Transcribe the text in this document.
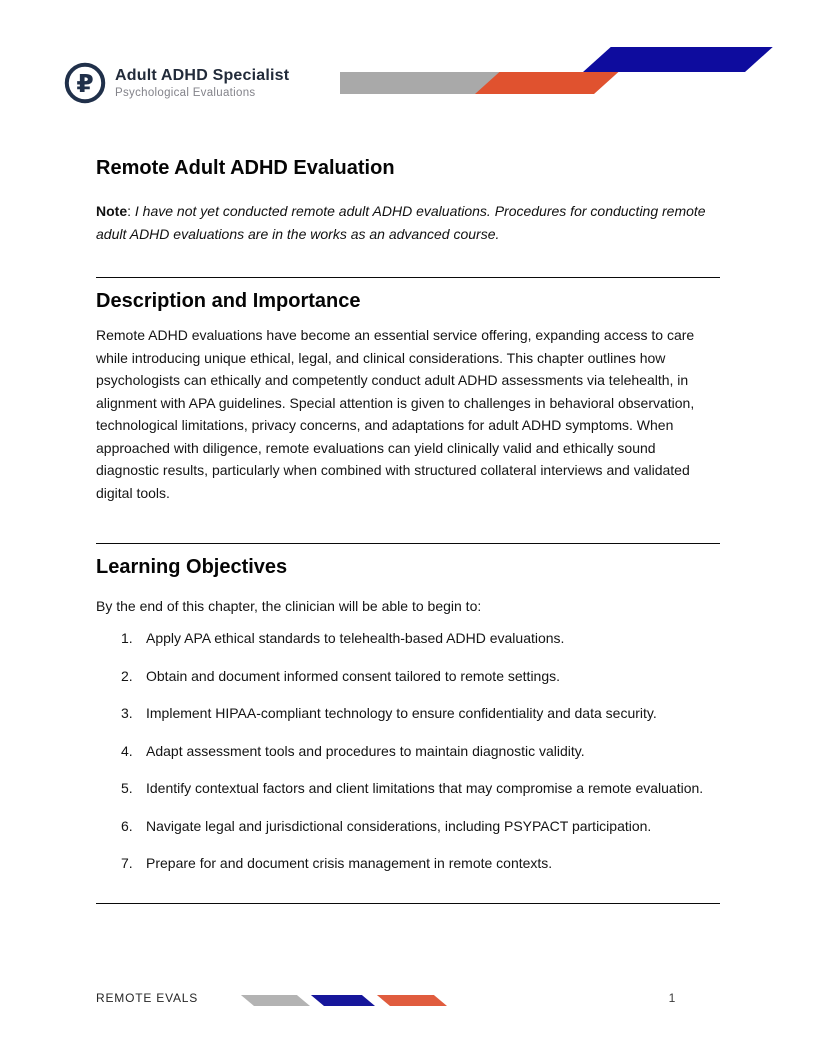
₽ Adult ADHD Specialist
Psychological Evaluations
Remote Adult ADHD Evaluation

Note: I have not yet conducted remote adult ADHD evaluations. Procedures for conducting remote adult ADHD evaluations are in the works as an advanced course.

Description and Importance

Remote ADHD evaluations have become an essential service offering, expanding access to care while introducing unique ethical, legal, and clinical considerations. This chapter outlines how psychologists can ethically and competently conduct adult ADHD assessments via telehealth, in alignment with APA guidelines. Special attention is given to challenges in behavioral observation, technological limitations, privacy concerns, and adaptations for adult ADHD symptoms. When approached with diligence, remote evaluations can yield clinically valid and ethically sound diagnostic results, particularly when combined with structured collateral interviews and validated digital tools.

Learning Objectives

By the end of this chapter, the clinician will be able to begin to:

1. Apply APA ethical standards to telehealth-based ADHD evaluations.
2. Obtain and document informed consent tailored to remote settings.
3. Implement HIPAA-compliant technology to ensure confidentiality and data security.
4. Adapt assessment tools and procedures to maintain diagnostic validity.
5. Identify contextual factors and client limitations that may compromise a remote evaluation.
6. Navigate legal and jurisdictional considerations, including PSYPACT participation.
7. Prepare for and document crisis management in remote contexts.
REMOTE EVALS	1
